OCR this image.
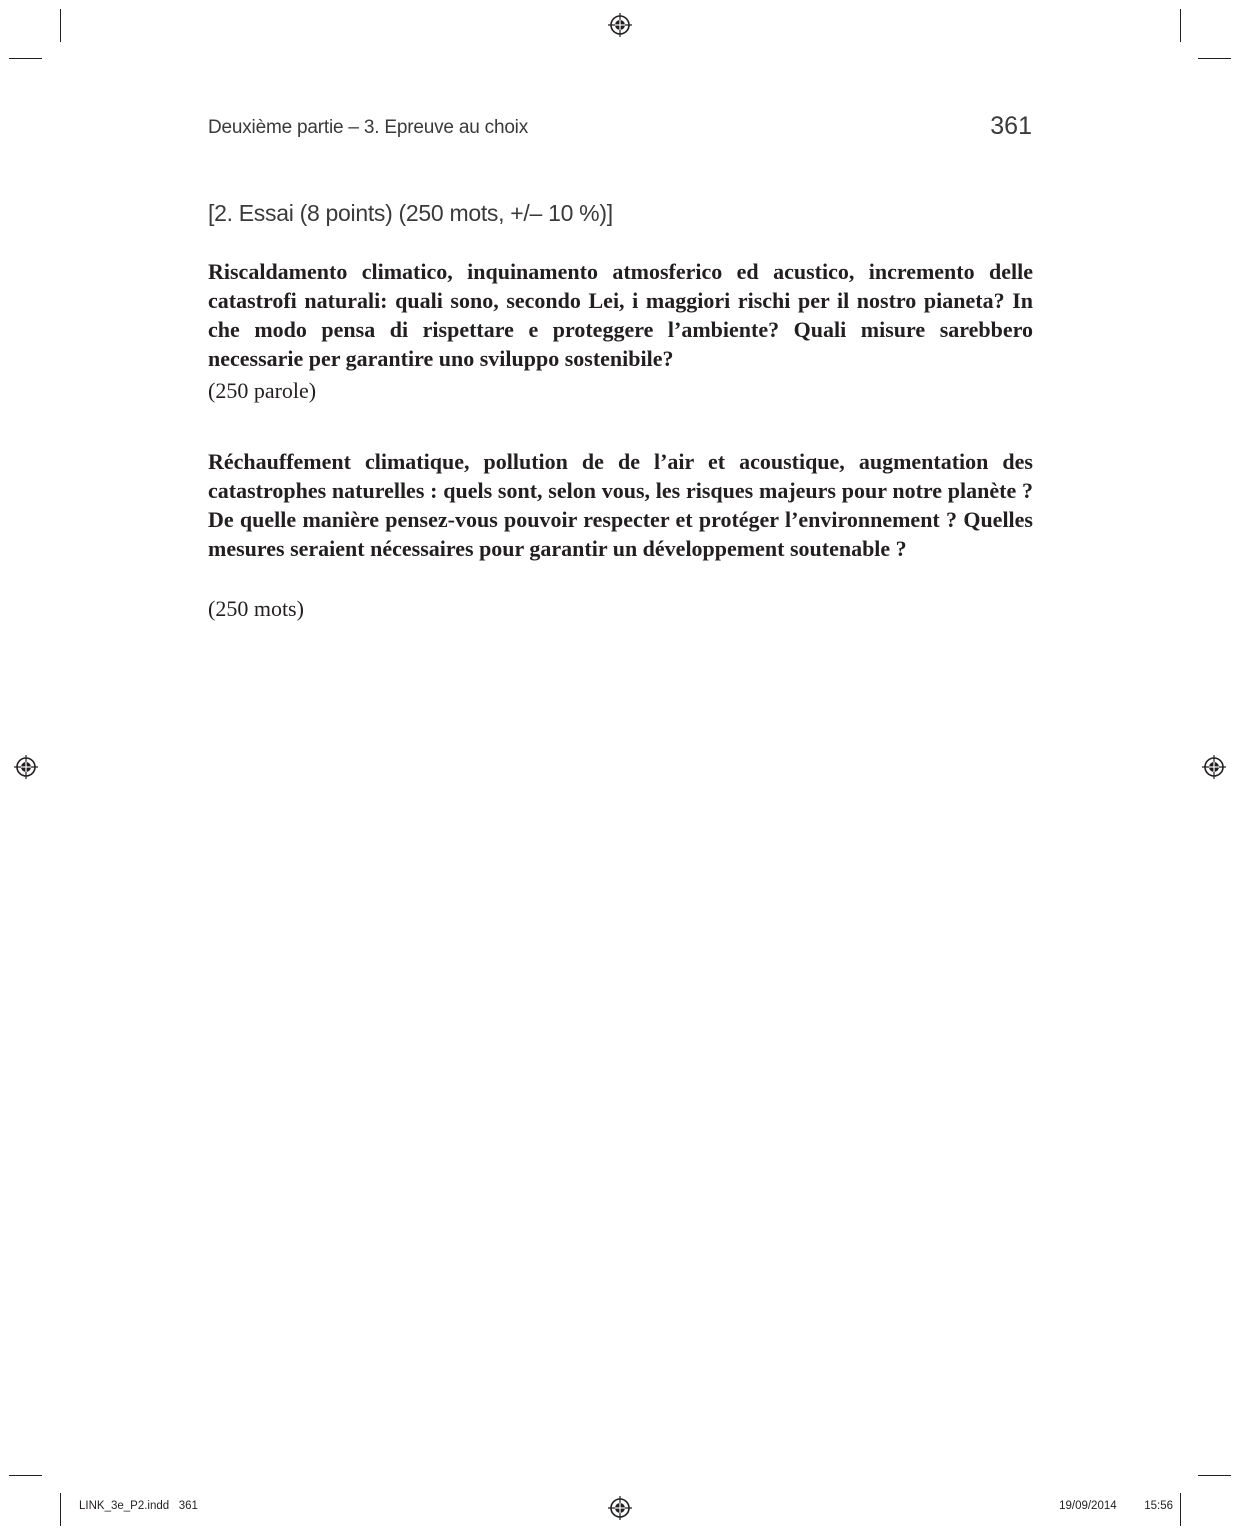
Deuxième partie – 3. Epreuve au choix	361
[2. Essai (8 points) (250 mots, +/– 10 %)]
Riscaldamento climatico, inquinamento atmosferico ed acustico, incremento delle catastrofi naturali: quali sono, secondo Lei, i maggiori rischi per il nostro pianeta? In che modo pensa di rispettare e proteggere l’ambiente? Quali misure sarebbero necessarie per garantire uno sviluppo sostenibile?
(250 parole)
Réchauffement climatique, pollution de de l’air et acoustique, augmentation des catastrophes naturelles : quels sont, selon vous, les risques majeurs pour notre planète ? De quelle manière pensez-vous pouvoir respecter et protéger l’environnement ? Quelles mesures seraient nécessaires pour garantir un développement soutenable ?
(250 mots)
LINK_3e_P2.indd   361	19/09/2014   15:56
